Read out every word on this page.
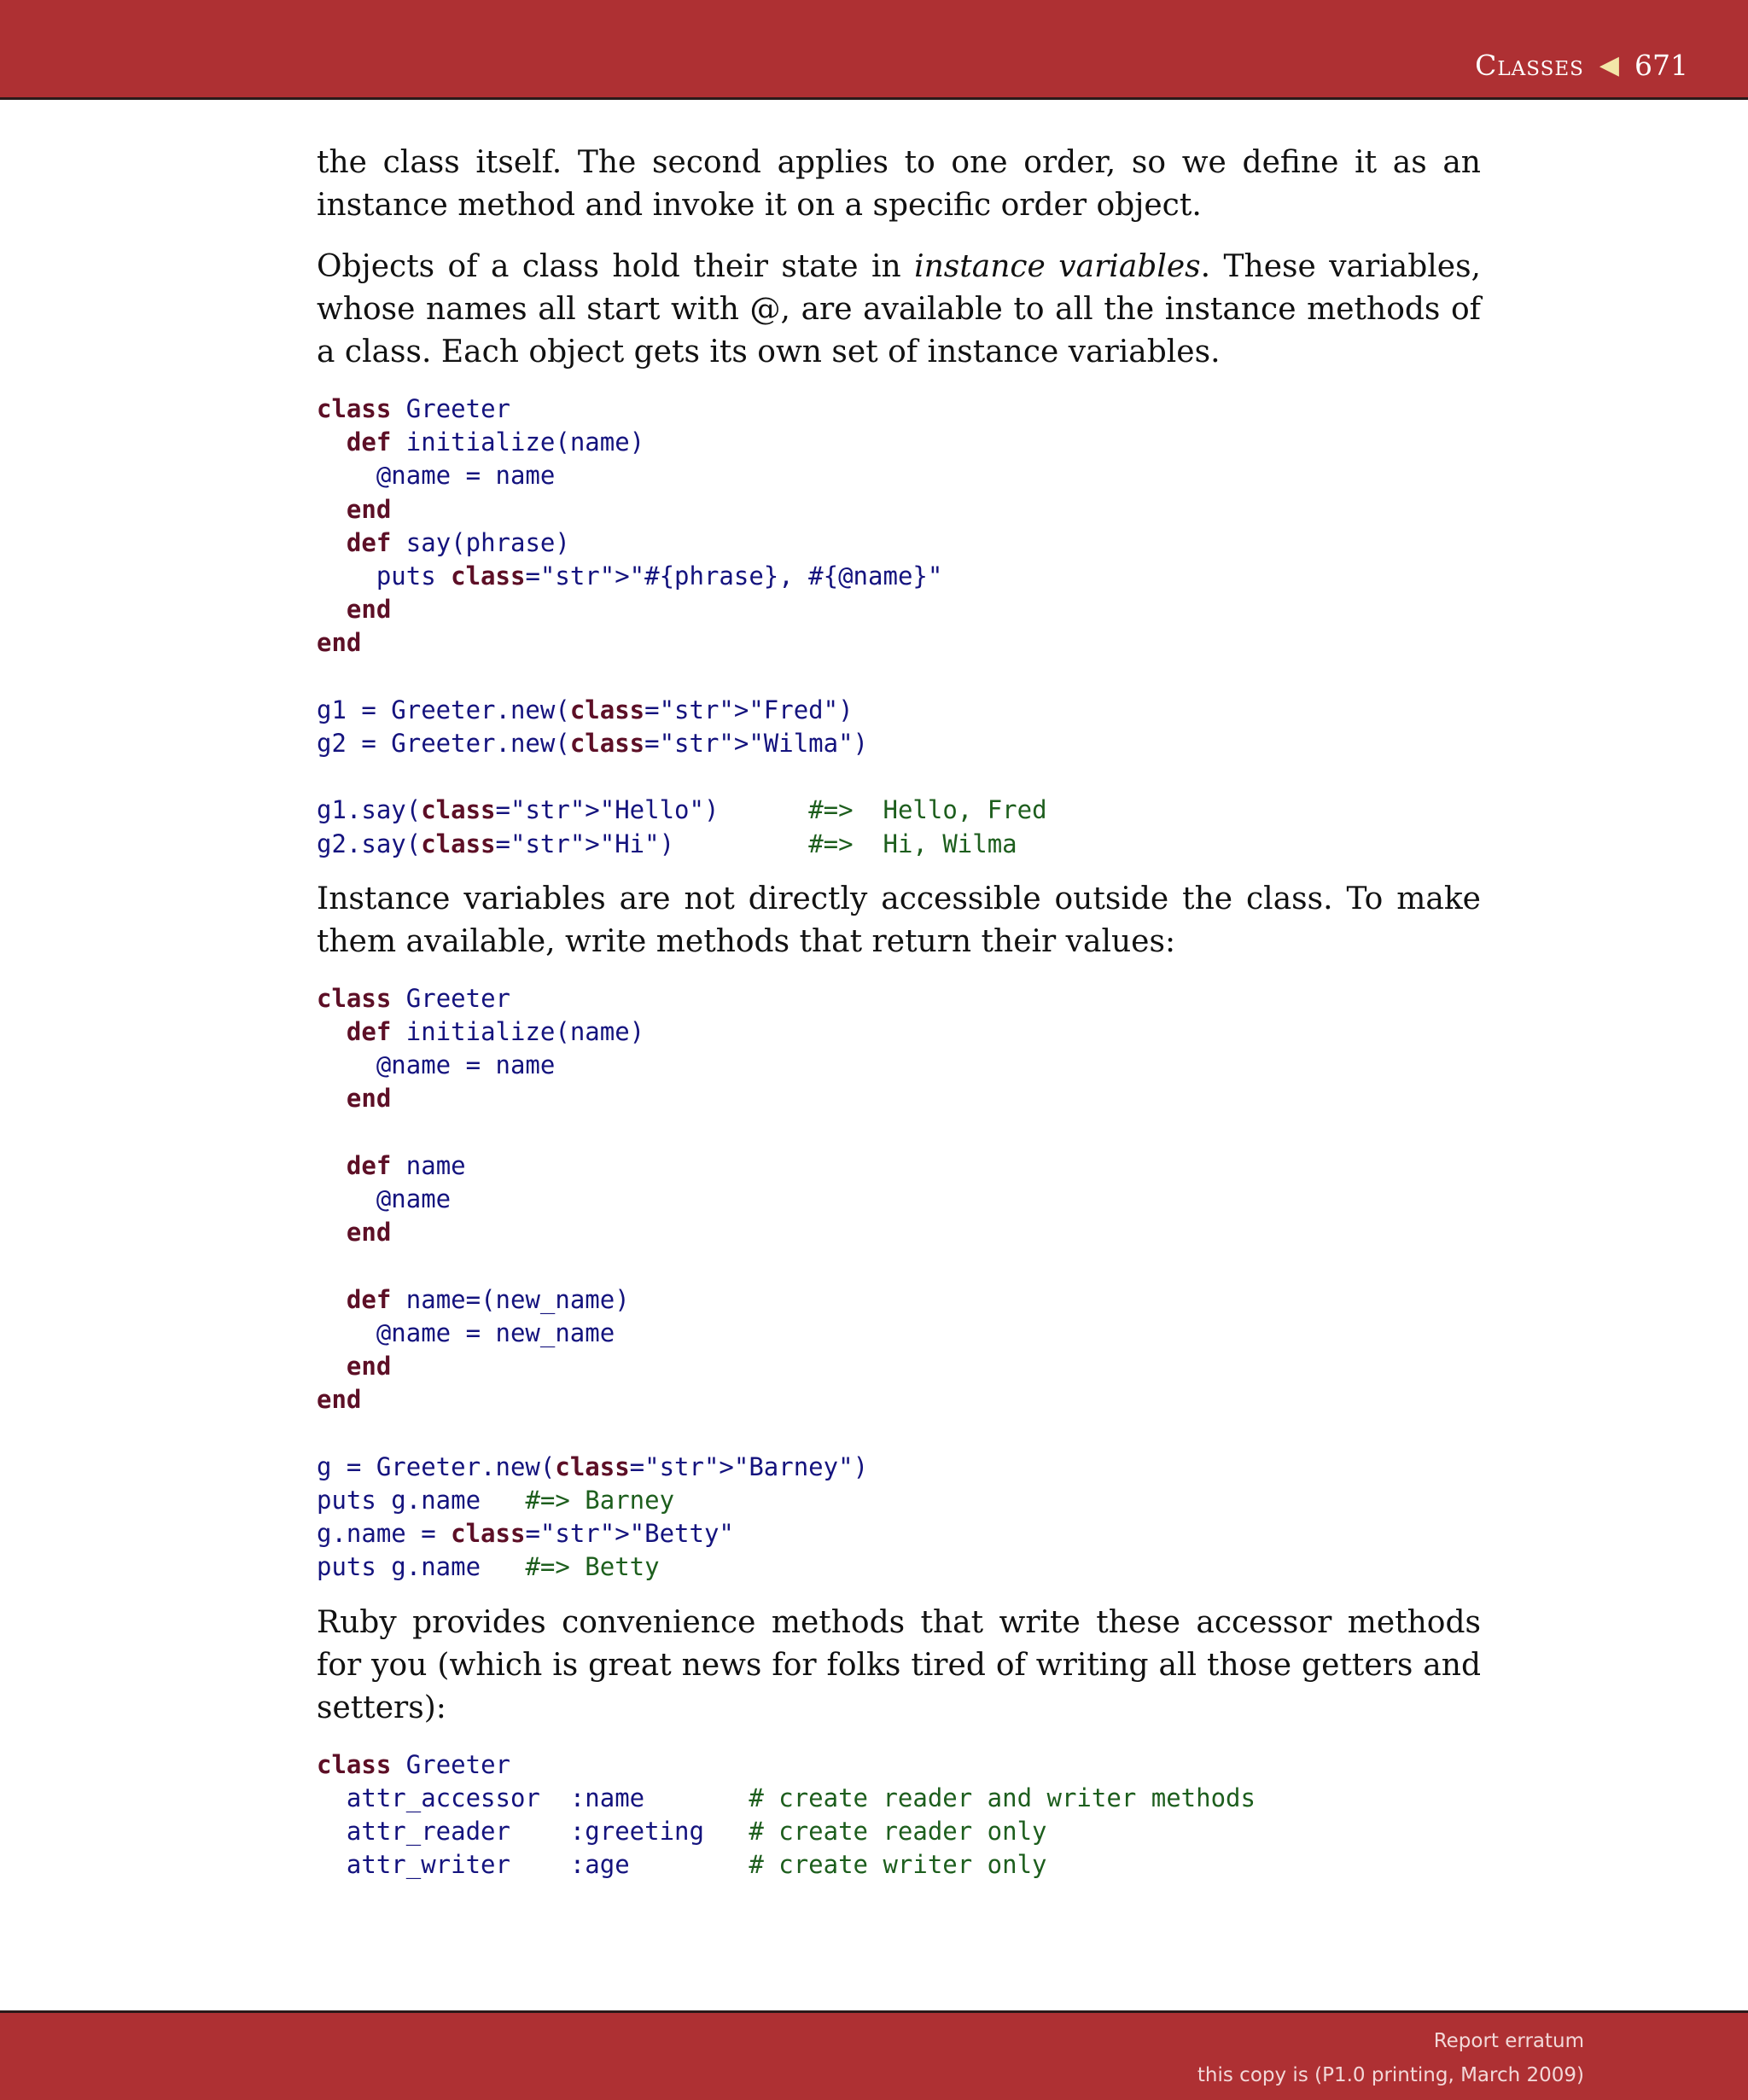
Classes ◀ 671

the class itself. The second applies to one order, so we define it as an instance method and invoke it on a specific order object.

Objects of a class hold their state in instance variables. These variables, whose names all start with @, are available to all the instance methods of a class. Each object gets its own set of instance variables.

class Greeter
def initialize(name)
@name = name
end
def say(phrase)
puts class="str">"#{phrase}, #{@name}"
end
end
g1 = Greeter.new(class="str">"Fred")
g2 = Greeter.new(class="str">"Wilma")
g1.say(class="str">"Hello")      #=>  Hello, Fred
g2.say(class="str">"Hi")         #=>  Hi, Wilma

Instance variables are not directly accessible outside the class. To make them available, write methods that return their values:

class Greeter
def initialize(name)
@name = name
end
def name
@name
end
def name=(new_name)
@name = new_name
end
end
g = Greeter.new(class="str">"Barney")
puts g.name   #=> Barney
g.name = class="str">"Betty"
puts g.name   #=> Betty

Ruby provides convenience methods that write these accessor methods for you (which is great news for folks tired of writing all those getters and setters):

class Greeter
attr_accessor  :name       # create reader and writer methods
attr_reader    :greeting   # create reader only
attr_writer    :age        # create writer only
Report erratum
this copy is (P1.0 printing, March 2009)
